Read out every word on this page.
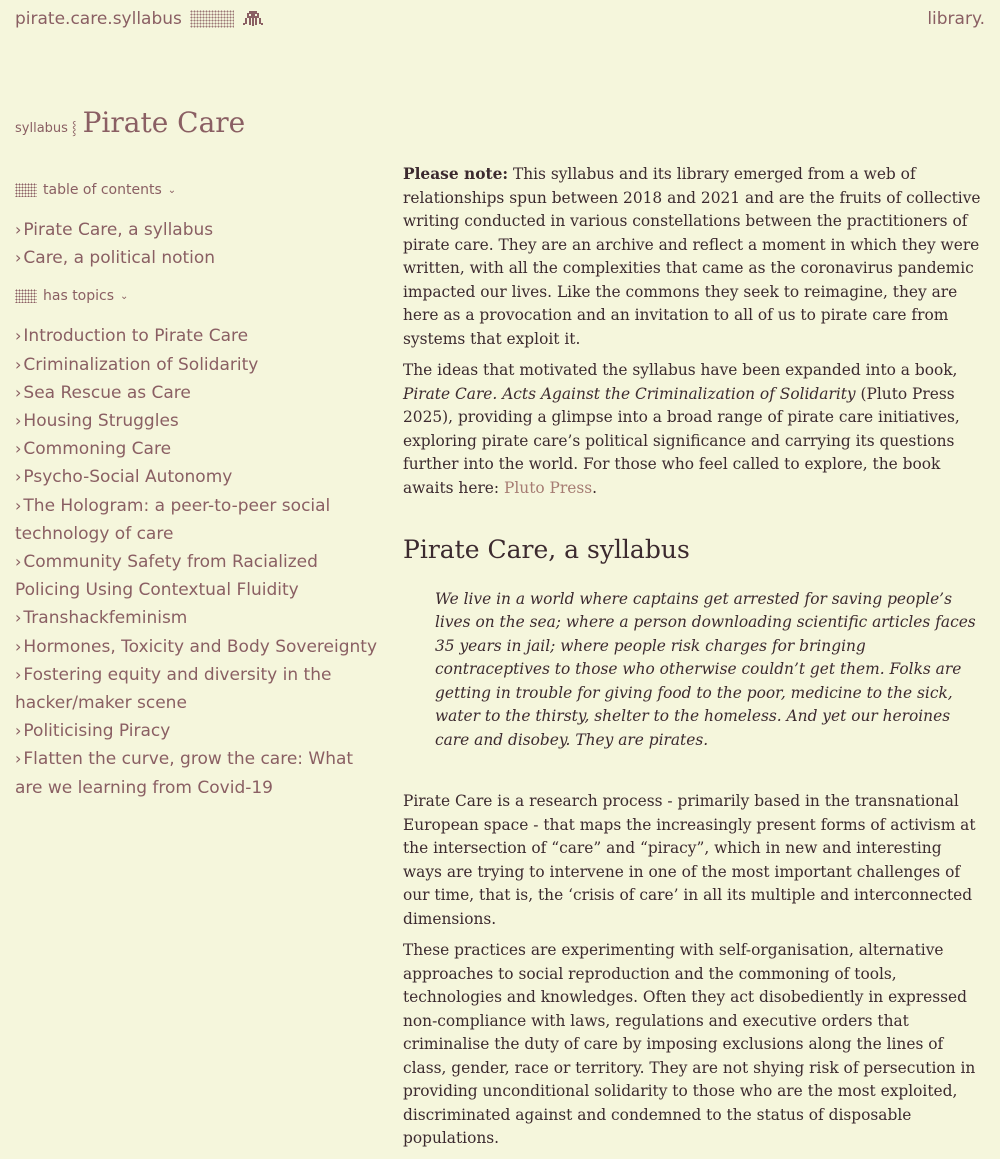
pirate.care.syllabus	library.
syllabus ⸾ Pirate Care
table of contents ⌄
› Pirate Care, a syllabus
› Care, a political notion
has topics ⌄
› Introduction to Pirate Care
› Criminalization of Solidarity
› Sea Rescue as Care
› Housing Struggles
› Commoning Care
› Psycho-Social Autonomy
› The Hologram: a peer-to-peer social technology of care
› Community Safety from Racialized Policing Using Contextual Fluidity
› Transhackfeminism
› Hormones, Toxicity and Body Sovereignty
› Fostering equity and diversity in the hacker/maker scene
› Politicising Piracy
› Flatten the curve, grow the care: What are we learning from Covid-19

Please note: This syllabus and its library emerged from a web of relationships spun between 2018 and 2021 and are the fruits of collective writing conducted in various constellations between the practitioners of pirate care. They are an archive and reflect a moment in which they were written, with all the complexities that came as the coronavirus pandemic impacted our lives. Like the commons they seek to reimagine, they are here as a provocation and an invitation to all of us to pirate care from systems that exploit it.

The ideas that motivated the syllabus have been expanded into a book, Pirate Care. Acts Against the Criminalization of Solidarity (Pluto Press 2025), providing a glimpse into a broad range of pirate care initiatives, exploring pirate care’s political significance and carrying its questions further into the world. For those who feel called to explore, the book awaits here: Pluto Press.

Pirate Care, a syllabus
We live in a world where captains get arrested for saving people’s lives on the sea; where a person downloading scientific articles faces 35 years in jail; where people risk charges for bringing contraceptives to those who otherwise couldn’t get them. Folks are getting in trouble for giving food to the poor, medicine to the sick, water to the thirsty, shelter to the homeless. And yet our heroines care and disobey. They are pirates.

Pirate Care is a research process - primarily based in the transnational European space - that maps the increasingly present forms of activism at the intersection of “care” and “piracy”, which in new and interesting ways are trying to intervene in one of the most important challenges of our time, that is, the ‘crisis of care’ in all its multiple and interconnected dimensions.

These practices are experimenting with self-organisation, alternative approaches to social reproduction and the commoning of tools, technologies and knowledges. Often they act disobediently in expressed non-compliance with laws, regulations and executive orders that criminalise the duty of care by imposing exclusions along the lines of class, gender, race or territory. They are not shying risk of persecution in providing unconditional solidarity to those who are the most exploited, discriminated against and condemned to the status of disposable populations.
